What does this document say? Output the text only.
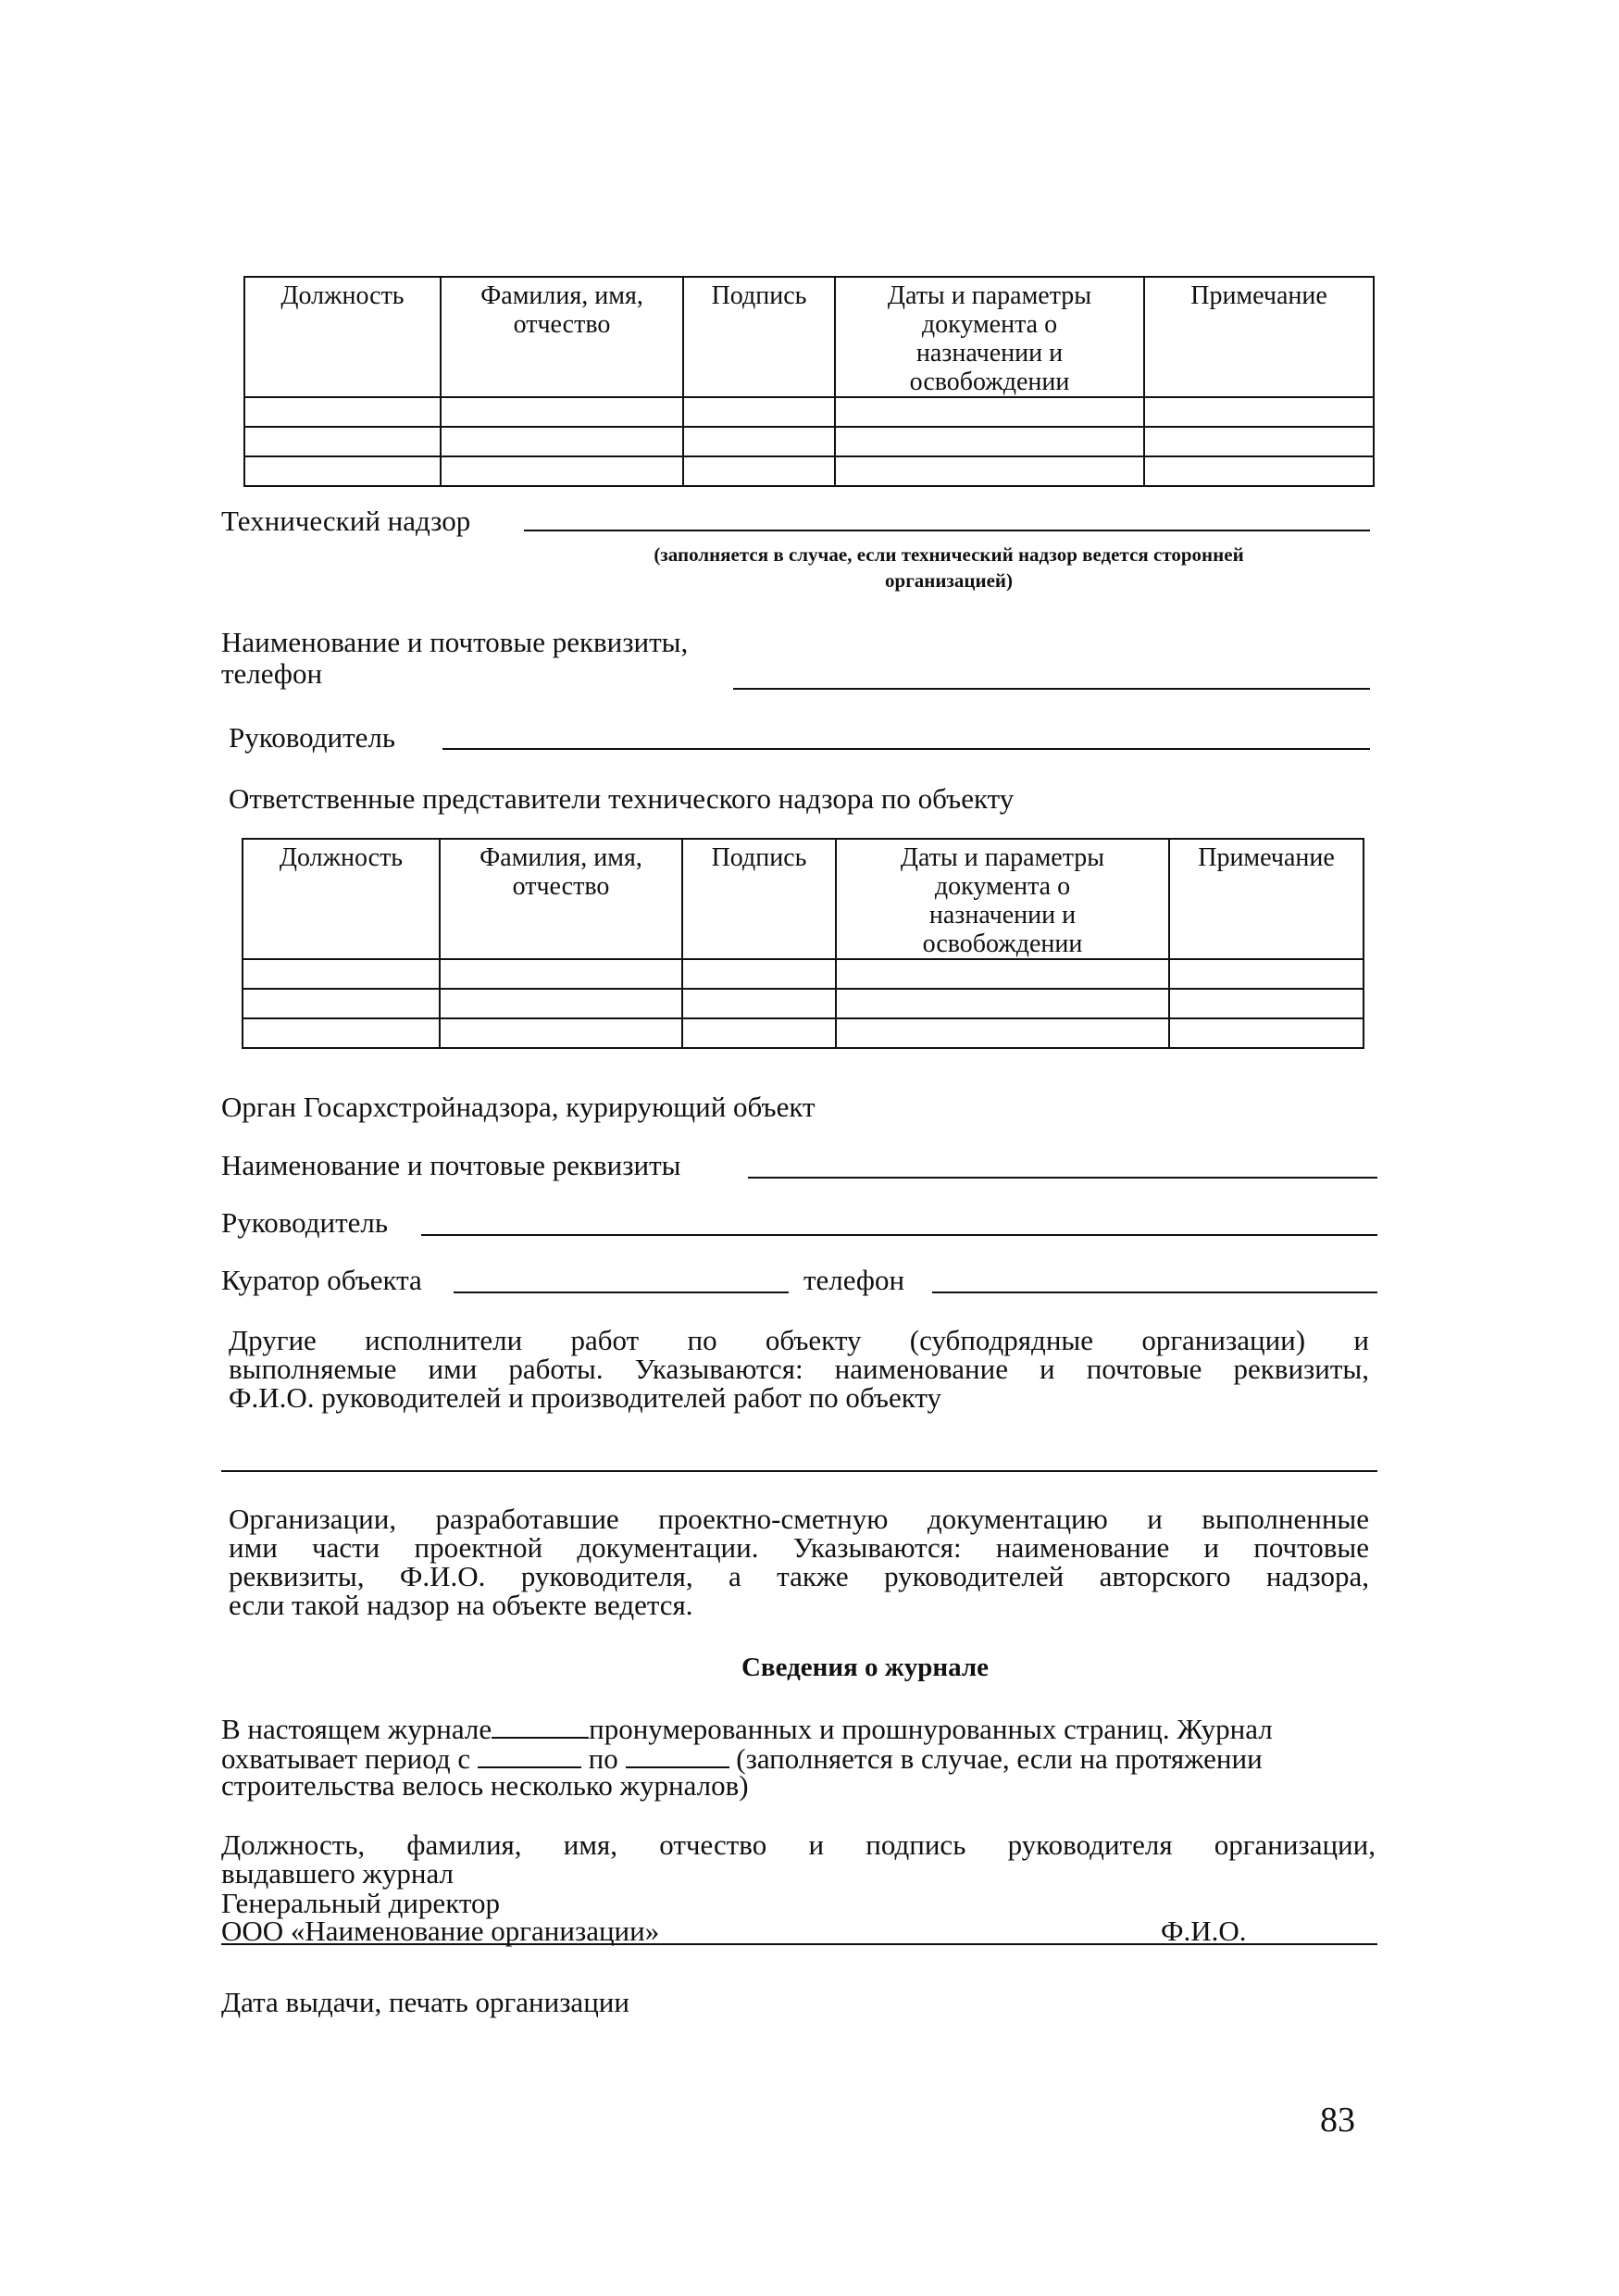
Должность	Фамилия, имя, отчество	Подпись	Даты и параметры документа о назначении и освобождении	Примечание

Технический надзор
(заполняется в случае, если технический надзор ведется сторонней организацией)
Наименование и почтовые реквизиты,
телефон
Руководитель
Ответственные представители технического надзора по объекту
Должность	Фамилия, имя, отчество	Подпись	Даты и параметры документа о назначении и освобождении	Примечание

Орган Госархстройнадзора, курирующий объект
Наименование и почтовые реквизиты
Руководитель
Куратор объекта	телефон
Другие исполнители работ по объекту (субподрядные организации) и
выполняемые ими работы. Указываются: наименование и почтовые реквизиты,
Ф.И.О. руководителей и производителей работ по объекту
Организации, разработавшие проектно-сметную документацию и выполненные
ими части проектной документации. Указываются: наименование и почтовые
реквизиты, Ф.И.О. руководителя, а также руководителей авторского надзора,
если такой надзор на объекте ведется.
Сведения о журнале
В настоящем журнале	пронумерованных и прошнурованных страниц. Журнал
охватывает период с	по	(заполняется в случае, если на протяжении
строительства велось несколько журналов)
Должность, фамилия, имя, отчество и подпись руководителя организации,
выдавшего журнал
Генеральный директор
ООО «Наименование организации»	Ф.И.О.
Дата выдачи, печать организации
83
